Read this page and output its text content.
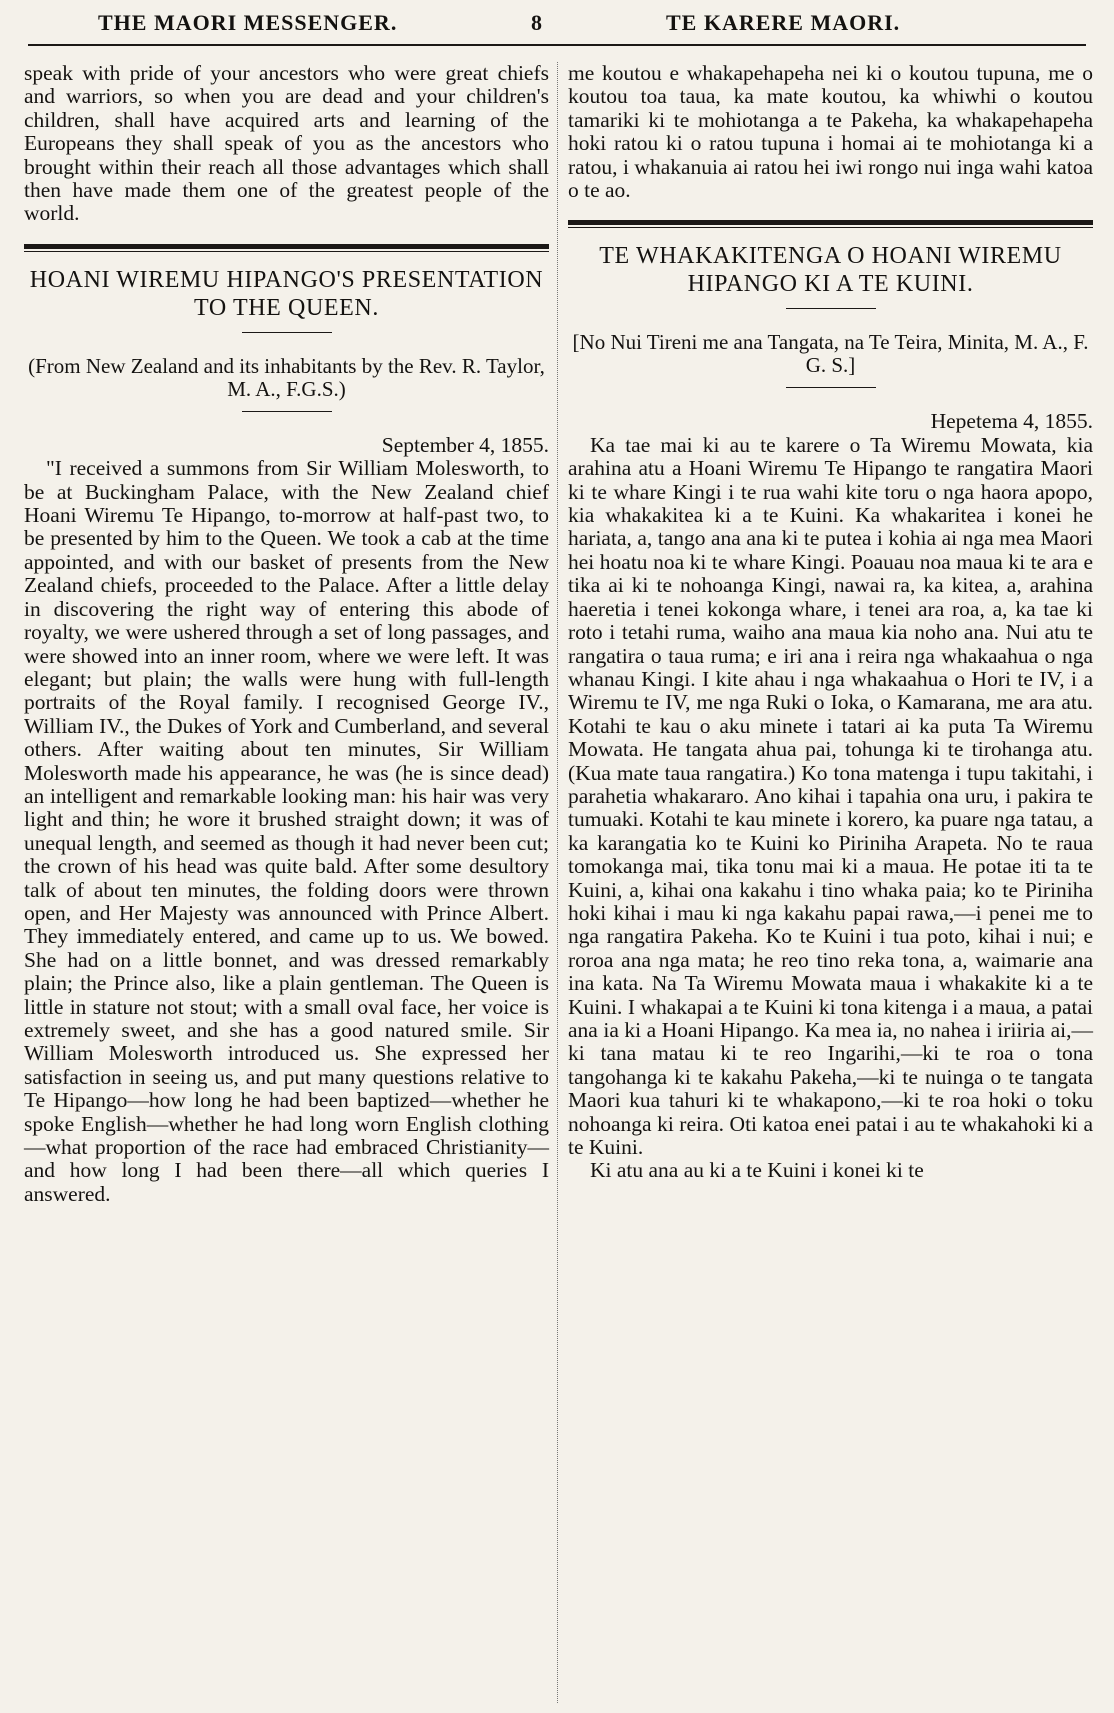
THE MAORI MESSENGER.	8	TE KARERE MAORI.

speak with pride of your ancestors who were great chiefs and warriors, so when you are dead and your children's children, shall have acquired arts and learning of the Europeans they shall speak of you as the ancestors who brought within their reach all those advantages which shall then have made them one of the greatest people of the world.

HOANI WIREMU HIPANGO'S PRESENTATION TO THE QUEEN.

(From New Zealand and its inhabitants by the Rev. R. Taylor, M. A., F.G.S.)

September 4, 1855.

"I received a summons from Sir William Molesworth, to be at Buckingham Palace, with the New Zealand chief Hoani Wiremu Te Hipango, to-morrow at half-past two, to be presented by him to the Queen. We took a cab at the time appointed, and with our basket of presents from the New Zealand chiefs, proceeded to the Palace. After a little delay in discovering the right way of entering this abode of royalty, we were ushered through a set of long passages, and were showed into an inner room, where we were left. It was elegant; but plain; the walls were hung with full-length portraits of the Royal family. I recognised George IV., William IV., the Dukes of York and Cumberland, and several others. After waiting about ten minutes, Sir William Molesworth made his appearance, he was (he is since dead) an intelligent and remarkable looking man: his hair was very light and thin; he wore it brushed straight down; it was of unequal length, and seemed as though it had never been cut; the crown of his head was quite bald. After some desultory talk of about ten minutes, the folding doors were thrown open, and Her Majesty was announced with Prince Albert. They immediately entered, and came up to us. We bowed. She had on a little bonnet, and was dressed remarkably plain; the Prince also, like a plain gentleman. The Queen is little in stature not stout; with a small oval face, her voice is extremely sweet, and she has a good natured smile. Sir William Molesworth introduced us. She expressed her satisfaction in seeing us, and put many questions relative to Te Hipango—how long he had been baptized—whether he spoke English—whether he had long worn English clothing—what proportion of the race had embraced Christianity—and how long I had been there—all which queries I answered.

me koutou e whakapehapeha nei ki o koutou tupuna, me o koutou toa taua, ka mate koutou, ka whiwhi o koutou tamariki ki te mohiotanga a te Pakeha, ka whakapehapeha hoki ratou ki o ratou tupuna i homai ai te mohiotanga ki a ratou, i whakanuia ai ratou hei iwi rongo nui inga wahi katoa o te ao.

TE WHAKAKITENGA O HOANI WIREMU HIPANGO KI A TE KUINI.

[No Nui Tireni me ana Tangata, na Te Teira, Minita, M. A., F. G. S.]

Hepetema 4, 1855.

Ka tae mai ki au te karere o Ta Wiremu Mowata, kia arahina atu a Hoani Wiremu Te Hipango te rangatira Maori ki te whare Kingi i te rua wahi kite toru o nga haora apopo, kia whakakitea ki a te Kuini. Ka whakaritea i konei he hariata, a, tango ana ana ki te putea i kohia ai nga mea Maori hei hoatu noa ki te whare Kingi. Poauau noa maua ki te ara e tika ai ki te nohoanga Kingi, nawai ra, ka kitea, a, arahina haeretia i tenei kokonga whare, i tenei ara roa, a, ka tae ki roto i tetahi ruma, waiho ana maua kia noho ana. Nui atu te rangatira o taua ruma; e iri ana i reira nga whakaahua o nga whanau Kingi. I kite ahau i nga whakaahua o Hori te IV, i a Wiremu te IV, me nga Ruki o Ioka, o Kamarana, me ara atu. Kotahi te kau o aku minete i tatari ai ka puta Ta Wiremu Mowata. He tangata ahua pai, tohunga ki te tirohanga atu. (Kua mate taua rangatira.) Ko tona matenga i tupu takitahi, i parahetia whakararo. Ano kihai i tapahia ona uru, i pakira te tumuaki. Kotahi te kau minete i korero, ka puare nga tatau, a ka karangatia ko te Kuini ko Piriniha Arapeta. No te raua tomokanga mai, tika tonu mai ki a maua. He potae iti ta te Kuini, a, kihai ona kakahu i tino whaka paia; ko te Piriniha hoki kihai i mau ki nga kakahu papai rawa,—i penei me to nga rangatira Pakeha. Ko te Kuini i tua poto, kihai i nui; e roroa ana nga mata; he reo tino reka tona, a, waimarie ana ina kata. Na Ta Wiremu Mowata maua i whakakite ki a te Kuini. I whakapai a te Kuini ki tona kitenga i a maua, a patai ana ia ki a Hoani Hipango. Ka mea ia, no nahea i iriiria ai,—ki tana matau ki te reo Ingarihi,—ki te roa o tona tangohanga ki te kakahu Pakeha,—ki te nuinga o te tangata Maori kua tahuri ki te whakapono,—ki te roa hoki o toku nohoanga ki reira. Oti katoa enei patai i au te whakahoki ki a te Kuini.

Ki atu ana au ki a te Kuini i konei ki te
